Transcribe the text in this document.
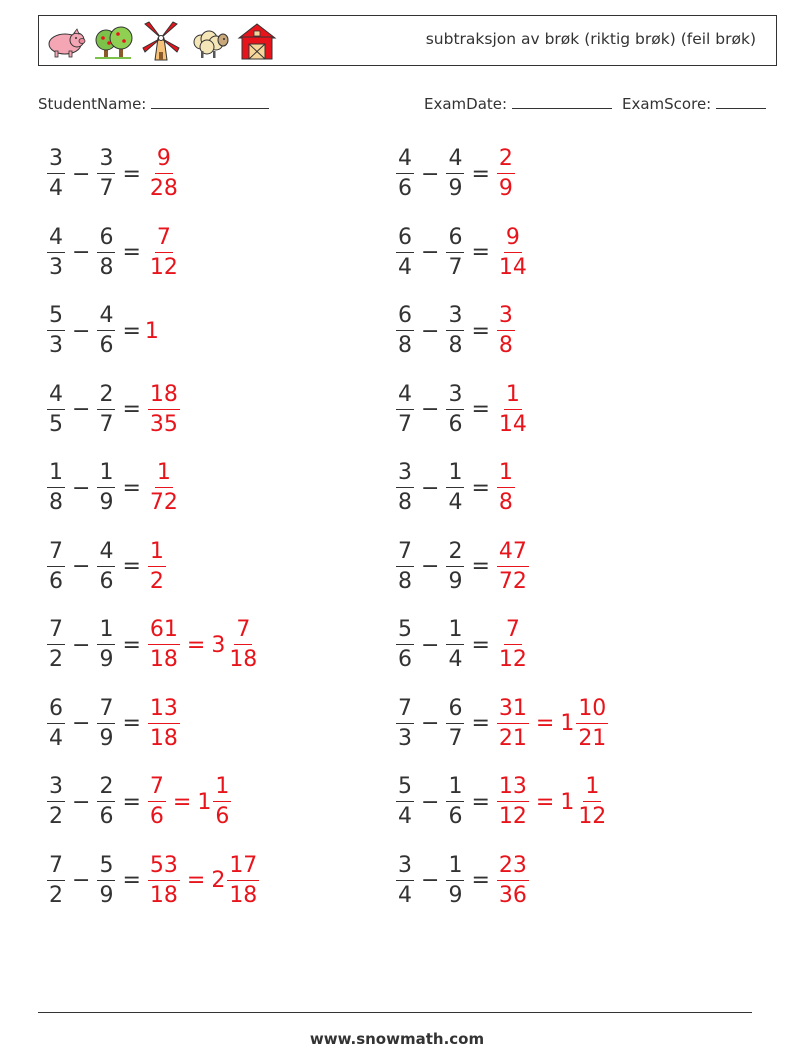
subtraksjon av brøk (riktig brøk) (feil brøk)
StudentName:	ExamDate:	ExamScore:
$\frac{3}{4} - \frac{3}{7} = \frac{9}{28}$	$\frac{4}{6} - \frac{4}{9} = \frac{2}{9}$
$\frac{4}{3} - \frac{6}{8} = \frac{7}{12}$	$\frac{6}{4} - \frac{6}{7} = \frac{9}{14}$
$\frac{5}{3} - \frac{4}{6} = 1$	$\frac{6}{8} - \frac{3}{8} = \frac{3}{8}$
$\frac{4}{5} - \frac{2}{7} = \frac{18}{35}$	$\frac{4}{7} - \frac{3}{6} = \frac{1}{14}$
$\frac{1}{8} - \frac{1}{9} = \frac{1}{72}$	$\frac{3}{8} - \frac{1}{4} = \frac{1}{8}$
$\frac{7}{6} - \frac{4}{6} = \frac{1}{2}$	$\frac{7}{8} - \frac{2}{9} = \frac{47}{72}$
$\frac{7}{2} - \frac{1}{9} = \frac{61}{18} = 3 \frac{7}{18}$	$\frac{5}{6} - \frac{1}{4} = \frac{7}{12}$
$\frac{6}{4} - \frac{7}{9} = \frac{13}{18}$	$\frac{7}{3} - \frac{6}{7} = \frac{31}{21} = 1 \frac{10}{21}$
$\frac{3}{2} - \frac{2}{6} = \frac{7}{6} = 1 \frac{1}{6}$	$\frac{5}{4} - \frac{1}{6} = \frac{13}{12} = 1 \frac{1}{12}$
$\frac{7}{2} - \frac{5}{9} = \frac{53}{18} = 2 \frac{17}{18}$	$\frac{3}{4} - \frac{1}{9} = \frac{23}{36}$
www.snowmath.com
